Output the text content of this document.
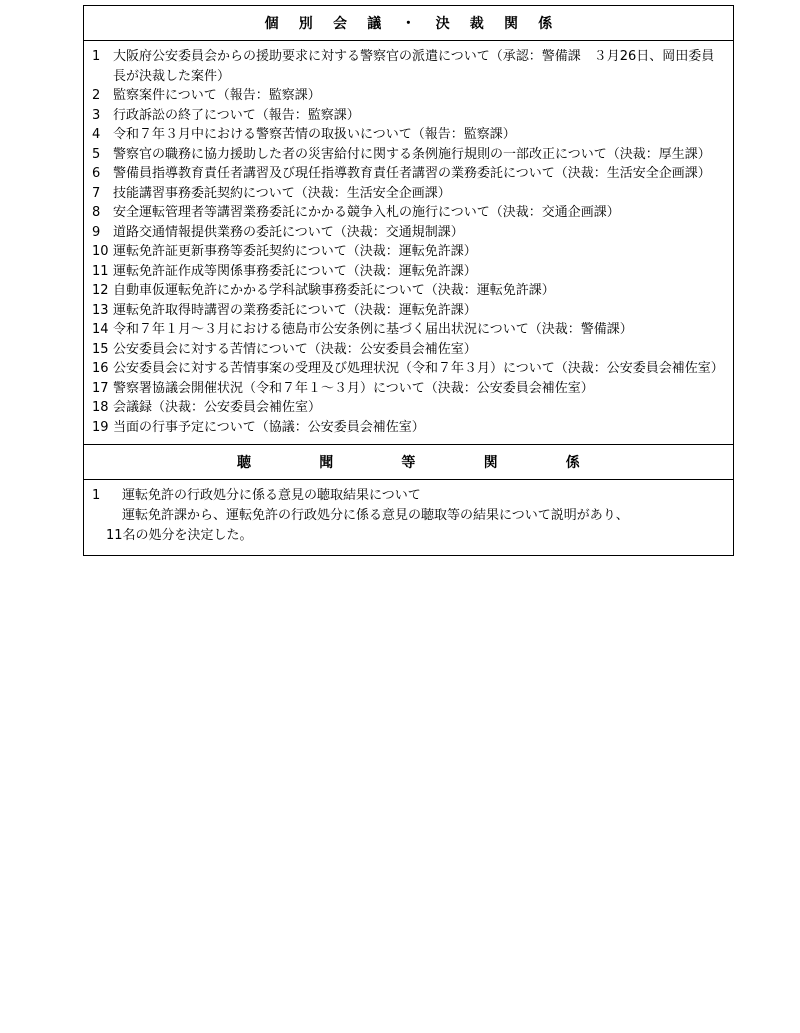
個 別 会 議 ・ 決 裁 関 係
1 大阪府公安委員会からの援助要求に対する警察官の派遣について（承認：警備課　３月26日、岡田委員長が決裁した案件）
2 監察案件について（報告：監察課）
3 行政訴訟の終了について（報告：監察課）
4 令和７年３月中における警察苦情の取扱いについて（報告：監察課）
5 警察官の職務に協力援助した者の災害給付に関する条例施行規則の一部改正について（決裁：厚生課）
6 警備員指導教育責任者講習及び現任指導教育責任者講習の業務委託について（決裁：生活安全企画課）
7 技能講習事務委託契約について（決裁：生活安全企画課）
8 安全運転管理者等講習業務委託にかかる競争入札の施行について（決裁：交通企画課）
9 道路交通情報提供業務の委託について（決裁：交通規制課）
10 運転免許証更新事務等委託契約について（決裁：運転免許課）
11 運転免許証作成等関係事務委託について（決裁：運転免許課）
12 自動車仮運転免許にかかる学科試験事務委託について（決裁：運転免許課）
13 運転免許取得時講習の業務委託について（決裁：運転免許課）
14 令和７年１月～３月における徳島市公安条例に基づく届出状況について（決裁：警備課）
15 公安委員会に対する苦情について（決裁：公安委員会補佐室）
16 公安委員会に対する苦情事案の受理及び処理状況（令和７年３月）について（決裁：公安委員会補佐室）
17 警察署協議会開催状況（令和７年１～３月）について（決裁：公安委員会補佐室）
18 会議録（決裁：公安委員会補佐室）
19 当面の行事予定について（協議：公安委員会補佐室）
聴	聞	等	関	係
1 運転免許の行政処分に係る意見の聴取結果について
運転免許課から、運転免許の行政処分に係る意見の聴取等の結果について説明があり、
11名の処分を決定した。
